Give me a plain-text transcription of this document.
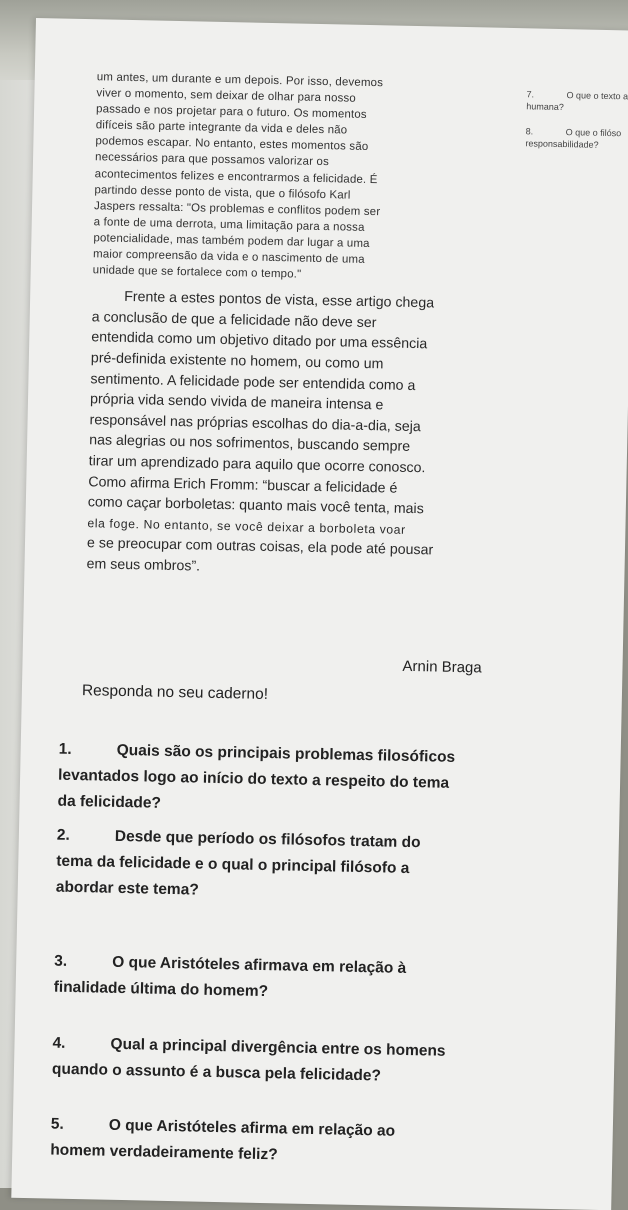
um antes, um durante e um depois. Por isso, devemos
viver o momento, sem deixar de olhar para nosso
passado e nos projetar para o futuro. Os momentos
difíceis são parte integrante da vida e deles não
podemos escapar. No entanto, estes momentos são
necessários para que possamos valorizar os
acontecimentos felizes e encontrarmos a felicidade. É
partindo desse ponto de vista, que o filósofo Karl
Jaspers ressalta: "Os problemas e conflitos podem ser
a fonte de uma derrota, uma limitação para a nossa
potencialidade, mas também podem dar lugar a uma
maior compreensão da vida e o nascimento de uma
unidade que se fortalece com o tempo."
Frente a estes pontos de vista, esse artigo chega
a conclusão de que a felicidade não deve ser
entendida como um objetivo ditado por uma essência
pré-definida existente no homem, ou como um
sentimento. A felicidade pode ser entendida como a
própria vida sendo vivida de maneira intensa e
responsável nas próprias escolhas do dia-a-dia, seja
nas alegrias ou nos sofrimentos, buscando sempre
tirar um aprendizado para aquilo que ocorre conosco.
Como afirma Erich Fromm: “buscar a felicidade é
como caçar borboletas: quanto mais você tenta, mais
ela foge. No entanto, se você deixar a borboleta voar
e se preocupar com outras coisas, ela pode até pousar
em seus ombros”.
Arnin Braga
Responda no seu caderno!
1.	Quais são os principais problemas filosóficos
levantados logo ao início do texto a respeito do tema
da felicidade?
2.	Desde que período os filósofos tratam do
tema da felicidade e o qual o principal filósofo a
abordar este tema?
3.	O que Aristóteles afirmava em relação à
finalidade última do homem?
4.	Qual a principal divergência entre os homens
quando o assunto é a busca pela felicidade?
5.	O que Aristóteles afirma em relação ao
homem verdadeiramente feliz?
7.	O que o texto a
humana?
8.	O que o filóso
responsabilidade?
